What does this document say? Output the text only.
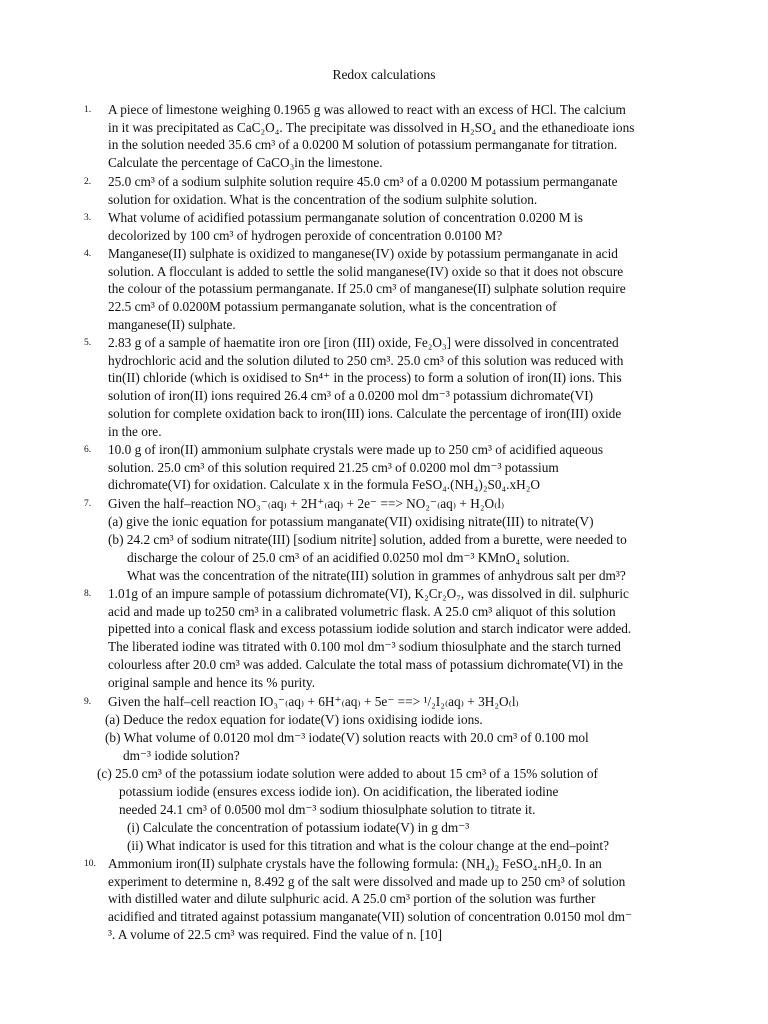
Redox calculations
1. A piece of limestone weighing 0.1965 g was allowed to react with an excess of HCl. The calcium
in it was precipitated as CaC₂O₄. The precipitate was dissolved in H₂SO₄ and the ethanedioate ions
in the solution needed 35.6 cm³ of a 0.0200 M solution of potassium permanganate for titration.
Calculate the percentage of CaCO₃in the limestone.
2. 25.0 cm³ of a sodium sulphite solution require 45.0 cm³ of a 0.0200 M potassium permanganate
solution for oxidation. What is the concentration of the sodium sulphite solution.
3. What volume of acidified potassium permanganate solution of concentration 0.0200 M is
decolorized by 100 cm³ of hydrogen peroxide of concentration 0.0100 M?
4. Manganese(II) sulphate is oxidized to manganese(IV) oxide by potassium permanganate in acid
solution. A flocculant is added to settle the solid manganese(IV) oxide so that it does not obscure
the colour of the potassium permanganate. If 25.0 cm³ of manganese(II) sulphate solution require
22.5 cm³ of 0.0200M potassium permanganate solution, what is the concentration of
manganese(II) sulphate.
5. 2.83 g of a sample of haematite iron ore [iron (III) oxide, Fe₂O₃] were dissolved in concentrated
hydrochloric acid and the solution diluted to 250 cm³. 25.0 cm³ of this solution was reduced with
tin(II) chloride (which is oxidised to Sn⁴⁺ in the process) to form a solution of iron(II) ions. This
solution of iron(II) ions required 26.4 cm³ of a 0.0200 mol dm⁻³ potassium dichromate(VI)
solution for complete oxidation back to iron(III) ions. Calculate the percentage of iron(III) oxide
in the ore.
6. 10.0 g of iron(II) ammonium sulphate crystals were made up to 250 cm³ of acidified aqueous
solution. 25.0 cm³ of this solution required 21.25 cm³ of 0.0200 mol dm⁻³ potassium
dichromate(VI) for oxidation. Calculate x in the formula FeSO₄.(NH₄)₂S0₄.xH₂O
7. Given the half–reaction NO₃⁻₍aq₎ + 2H⁺₍aq₎ + 2e⁻ ==> NO₂⁻₍aq₎ + H₂O₍l₎
(a) give the ionic equation for potassium manganate(VII) oxidising nitrate(III) to nitrate(V)
(b) 24.2 cm³ of sodium nitrate(III) [sodium nitrite] solution, added from a burette, were needed to
discharge the colour of 25.0 cm³ of an acidified 0.0250 mol dm⁻³ KMnO₄ solution.
What was the concentration of the nitrate(III) solution in grammes of anhydrous salt per dm³?
8. 1.01g of an impure sample of potassium dichromate(VI), K₂Cr₂O₇, was dissolved in dil. sulphuric
acid and made up to250 cm³ in a calibrated volumetric flask. A 25.0 cm³ aliquot of this solution
pipetted into a conical flask and excess potassium iodide solution and starch indicator were added.
The liberated iodine was titrated with 0.100 mol dm⁻³ sodium thiosulphate and the starch turned
colourless after 20.0 cm³ was added. Calculate the total mass of potassium dichromate(VI) in the
original sample and hence its % purity.
9. Given the half–cell reaction IO₃⁻₍aq₎ + 6H⁺₍aq₎ + 5e⁻ ==> ¹/₂I₂₍aq₎ + 3H₂O₍l₎
(a) Deduce the redox equation for iodate(V) ions oxidising iodide ions.
(b) What volume of 0.0120 mol dm⁻³ iodate(V) solution reacts with 20.0 cm³ of 0.100 mol
dm⁻³ iodide solution?
(c) 25.0 cm³ of the potassium iodate solution were added to about 15 cm³ of a 15% solution of
potassium iodide (ensures excess iodide ion). On acidification, the liberated iodine
needed 24.1 cm³ of 0.0500 mol dm⁻³ sodium thiosulphate solution to titrate it.
(i) Calculate the concentration of potassium iodate(V) in g dm⁻³
(ii) What indicator is used for this titration and what is the colour change at the end–point?
10. Ammonium iron(II) sulphate crystals have the following formula: (NH₄)₂ FeSO₄.nH₂0. In an
experiment to determine n, 8.492 g of the salt were dissolved and made up to 250 cm³ of solution
with distilled water and dilute sulphuric acid. A 25.0 cm³ portion of the solution was further
acidified and titrated against potassium manganate(VII) solution of concentration 0.0150 mol dm⁻
³. A volume of 22.5 cm³ was required. Find the value of n. [10]
